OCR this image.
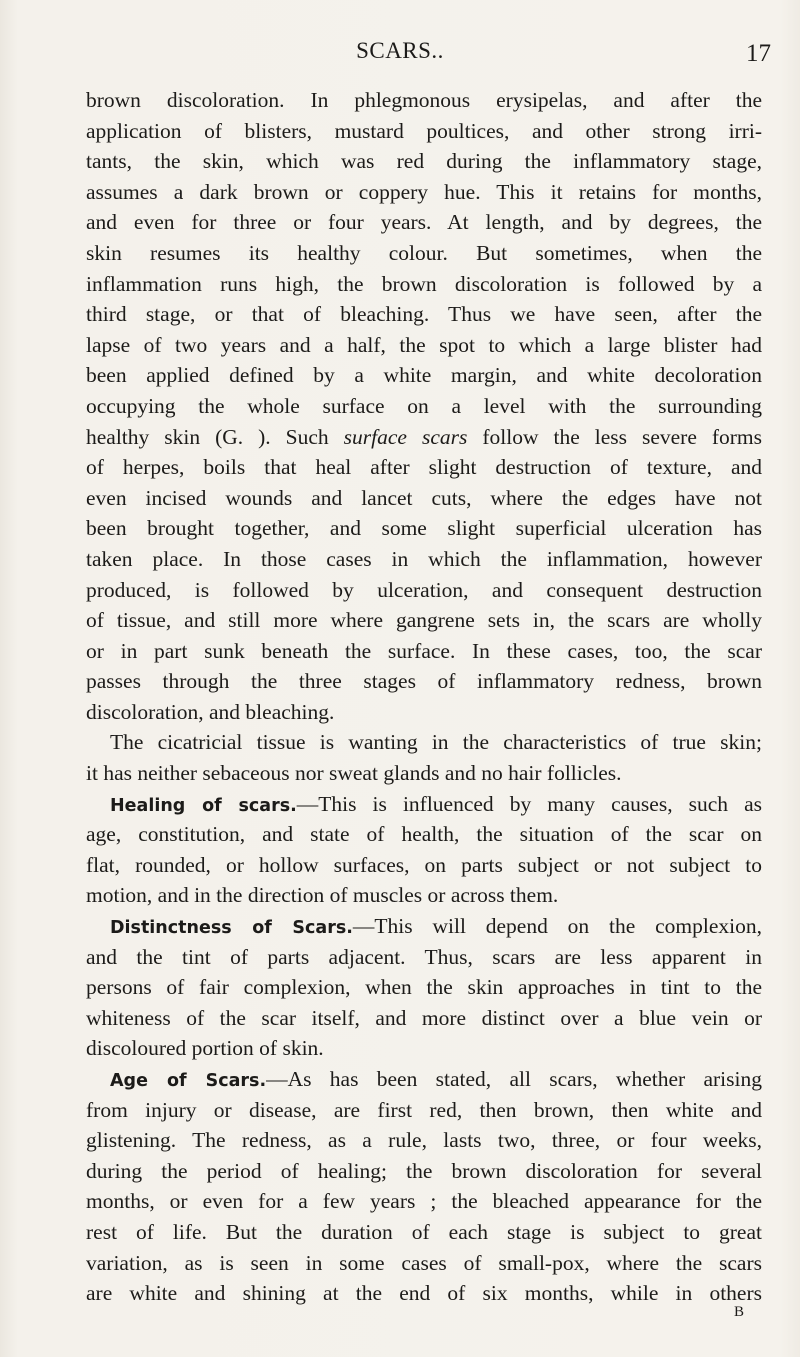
SCARS..	17
brown discoloration. In phlegmonous erysipelas, and after the
application of blisters, mustard poultices, and other strong irri-
tants, the skin, which was red during the inflammatory stage,
assumes a dark brown or coppery hue. This it retains for months,
and even for three or four years. At length, and by degrees, the
skin resumes its healthy colour. But sometimes, when the
inflammation runs high, the brown discoloration is followed by a
third stage, or that of bleaching. Thus we have seen, after the
lapse of two years and a half, the spot to which a large blister had
been applied defined by a white margin, and white decoloration
occupying the whole surface on a level with the surrounding
healthy skin (G. ). Such surface scars follow the less severe forms
of herpes, boils that heal after slight destruction of texture, and
even incised wounds and lancet cuts, where the edges have not
been brought together, and some slight superficial ulceration has
taken place. In those cases in which the inflammation, however
produced, is followed by ulceration, and consequent destruction
of tissue, and still more where gangrene sets in, the scars are wholly
or in part sunk beneath the surface. In these cases, too, the scar
passes through the three stages of inflammatory redness, brown
discoloration, and bleaching.
The cicatricial tissue is wanting in the characteristics of true skin;
it has neither sebaceous nor sweat glands and no hair follicles.
Healing of scars.—This is influenced by many causes, such as
age, constitution, and state of health, the situation of the scar on
flat, rounded, or hollow surfaces, on parts subject or not subject to
motion, and in the direction of muscles or across them.
Distinctness of Scars.—This will depend on the complexion,
and the tint of parts adjacent. Thus, scars are less apparent in
persons of fair complexion, when the skin approaches in tint to the
whiteness of the scar itself, and more distinct over a blue vein or
discoloured portion of skin.
Age of Scars.—As has been stated, all scars, whether arising
from injury or disease, are first red, then brown, then white and
glistening. The redness, as a rule, lasts two, three, or four weeks,
during the period of healing; the brown discoloration for several
months, or even for a few years ; the bleached appearance for the
rest of life. But the duration of each stage is subject to great
variation, as is seen in some cases of small-pox, where the scars
are white and shining at the end of six months, while in others
B
